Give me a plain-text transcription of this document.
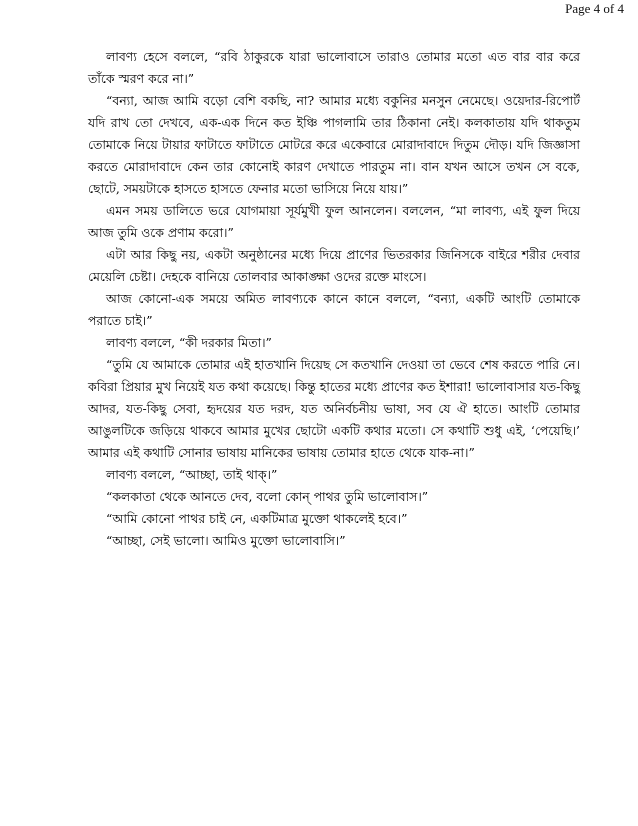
Page 4 of 4

লাবণ্য হেসে বললে, “রবি ঠাকুরকে যারা ভালোবাসে তারাও তোমার মতো এত বার বার করে তাঁকে স্মরণ করে না।”

“বন্যা, আজ আমি বড়ো বেশি বকছি, না? আমার মধ্যে বকুনির মনসুন নেমেছে। ওয়েদার-রিপোর্ট যদি রাখ তো দেখবে, এক-এক দিনে কত ইঞ্চি পাগলামি তার ঠিকানা নেই। কলকাতায় যদি থাকতুম তোমাকে নিয়ে টায়ার ফাটাতে ফাটাতে মোটরে করে একেবারে মোরাদাবাদে দিতুম দৌড়। যদি জিজ্ঞাসা করতে মোরাদাবাদে কেন তার কোনোই কারণ দেখাতে পারতুম না। বান যখন আসে তখন সে বকে, ছোটে, সময়টাকে হাসতে হাসতে ফেনার মতো ভাসিয়ে নিয়ে যায়।”

এমন সময় ডালিতে ভরে যোগমায়া সূর্যমুখী ফুল আনলেন। বললেন, “মা লাবণ্য, এই ফুল দিয়ে আজ তুমি ওকে প্রণাম করো।”

এটা আর কিছু নয়, একটা অনুষ্ঠানের মধ্যে দিয়ে প্রাণের ভিতরকার জিনিসকে বাইরে শরীর দেবার মেয়েলি চেষ্টা। দেহকে বানিয়ে তোলবার আকাঙ্ক্ষা ওদের রক্তে মাংসে।

আজ কোনো-এক সময়ে অমিত লাবণ্যকে কানে কানে বললে, “বন্যা, একটি আংটি তোমাকে পরাতে চাই।”

লাবণ্য বললে, “কী দরকার মিতা।”

“তুমি যে আমাকে তোমার এই হাতখানি দিয়েছ সে কতখানি দেওয়া তা ভেবে শেষ করতে পারি নে। কবিরা প্রিয়ার মুখ নিয়েই যত কথা কয়েছে। কিন্তু হাতের মধ্যে প্রাণের কত ইশারা! ভালোবাসার যত-কিছু আদর, যত-কিছু সেবা, হৃদয়ের যত দরদ, যত অনির্বচনীয় ভাষা, সব যে ঐ হাতে। আংটি তোমার আঙুলটিকে জড়িয়ে থাকবে আমার মুখের ছোটো একটি কথার মতো। সে কথাটি শুধু এই, ‘পেয়েছি।’ আমার এই কথাটি সোনার ভাষায় মানিকের ভাষায় তোমার হাতে থেকে যাক-না।”

লাবণ্য বললে, “আচ্ছা, তাই থাক্।”

“কলকাতা থেকে আনতে দেব, বলো কোন্ পাথর তুমি ভালোবাস।”

“আমি কোনো পাথর চাই নে, একটিমাত্র মুক্তো থাকলেই হবে।”

“আচ্ছা, সেই ভালো। আমিও মুক্তো ভালোবাসি।”
